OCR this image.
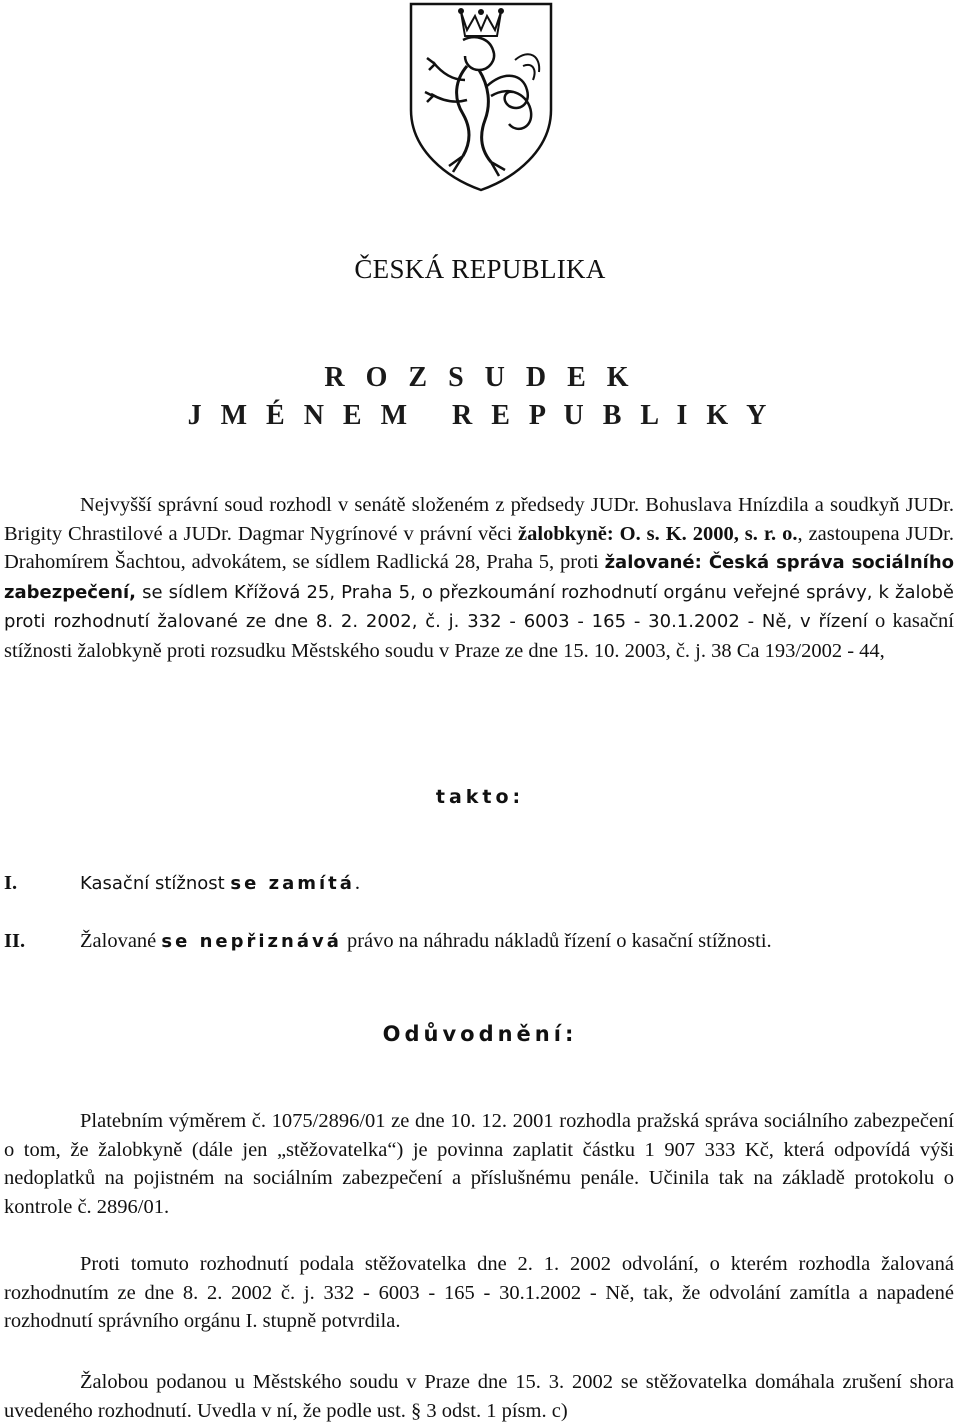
ČESKÁ REPUBLIKA
R O Z S U D E K
J M É N E M   R E P U B L I K Y

Nejvyšší správní soud rozhodl v senátě složeném z předsedy JUDr. Bohuslava Hnízdila a soudkyň JUDr. Brigity Chrastilové a JUDr. Dagmar Nygrínové v právní věci žalobkyně: O. s. K. 2000, s. r. o., zastoupena JUDr. Drahomírem Šachtou, advokátem, se sídlem Radlická 28, Praha 5, proti žalované: Česká správa sociálního zabezpečení, se sídlem Křížová 25, Praha 5, o přezkoumání rozhodnutí orgánu veřejné správy, k žalobě proti rozhodnutí žalované ze dne 8. 2. 2002, č. j. 332 - 6003 - 165 - 30.1.2002 - Ně, v řízení o kasační stížnosti žalobkyně proti rozsudku Městského soudu v Praze ze dne 15. 10. 2003, č. j. 38 Ca 193/2002 - 44,

takto:
I.	Kasační stížnost se zamítá.
II.	Žalované se nepřiznává právo na náhradu nákladů řízení o kasační stížnosti.
Odůvodnění:

Platebním výměrem č. 1075/2896/01 ze dne 10. 12. 2001 rozhodla pražská správa sociálního zabezpečení o tom, že žalobkyně (dále jen „stěžovatelka“) je povinna zaplatit částku 1 907 333 Kč, která odpovídá výši nedoplatků na pojistném na sociálním zabezpečení a příslušnému penále. Učinila tak na základě protokolu o kontrole č. 2896/01.

Proti tomuto rozhodnutí podala stěžovatelka dne 2. 1. 2002 odvolání, o kterém rozhodla žalovaná rozhodnutím ze dne 8. 2. 2002 č. j. 332 - 6003 - 165 - 30.1.2002 - Ně, tak, že odvolání zamítla a napadené rozhodnutí správního orgánu I. stupně potvrdila.

Žalobou podanou u Městského soudu v Praze dne 15. 3. 2002 se stěžovatelka domáhala zrušení shora uvedeného rozhodnutí. Uvedla v ní, že podle ust. § 3 odst. 1 písm. c)
